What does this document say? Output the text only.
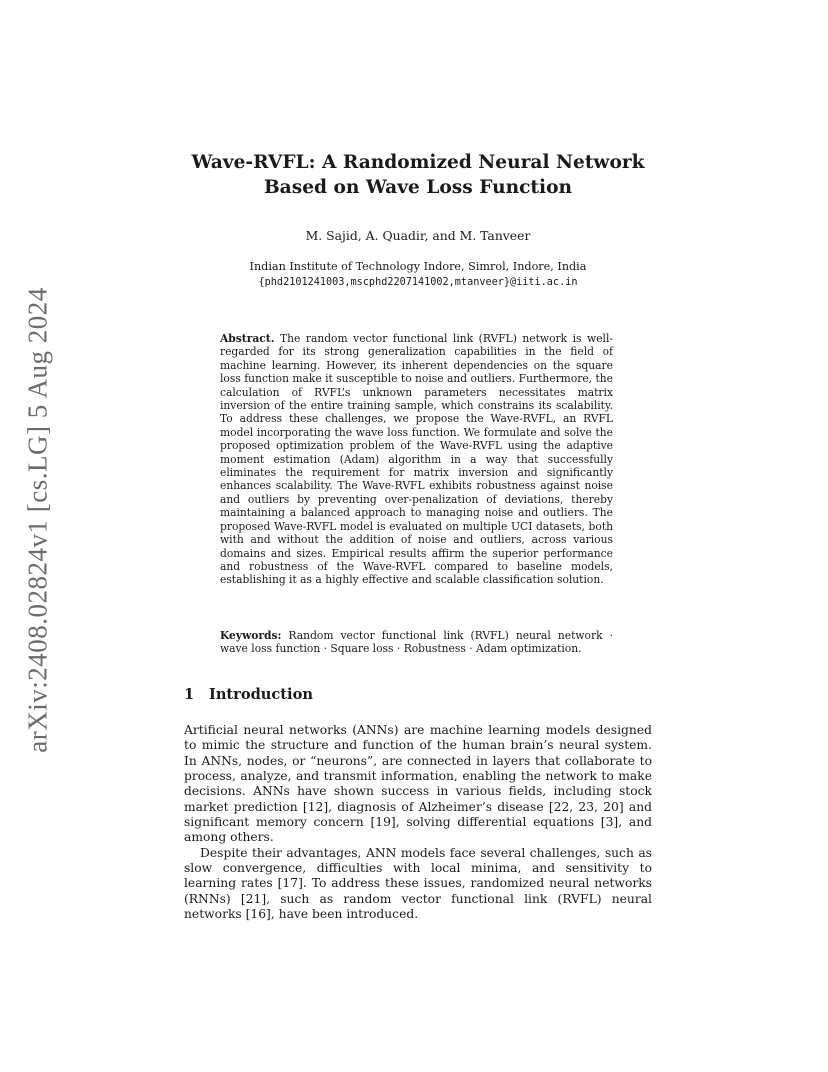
arXiv:2408.02824v1 [cs.LG] 5 Aug 2024
Wave-RVFL: A Randomized Neural Network
Based on Wave Loss Function
M. Sajid, A. Quadir, and M. Tanveer
Indian Institute of Technology Indore, Simrol, Indore, India
{phd2101241003,mscphd2207141002,mtanveer}@iiti.ac.in
Abstract. The random vector functional link (RVFL) network is well-regarded for its strong generalization capabilities in the field of machine learning. However, its inherent dependencies on the square loss function make it susceptible to noise and outliers. Furthermore, the calculation of RVFL’s unknown parameters necessitates matrix inversion of the entire training sample, which constrains its scalability. To address these challenges, we propose the Wave-RVFL, an RVFL model incorporating the wave loss function. We formulate and solve the proposed optimization problem of the Wave-RVFL using the adaptive moment estimation (Adam) algorithm in a way that successfully eliminates the requirement for matrix inversion and significantly enhances scalability. The Wave-RVFL exhibits robustness against noise and outliers by preventing over-penalization of deviations, thereby maintaining a balanced approach to managing noise and outliers. The proposed Wave-RVFL model is evaluated on multiple UCI datasets, both with and without the addition of noise and outliers, across various domains and sizes. Empirical results affirm the superior performance and robustness of the Wave-RVFL compared to baseline models, establishing it as a highly effective and scalable classification solution.
Keywords: Random vector functional link (RVFL) neural network · wave loss function · Square loss · Robustness · Adam optimization.
1 Introduction

Artificial neural networks (ANNs) are machine learning models designed to mimic the structure and function of the human brain’s neural system. In ANNs, nodes, or “neurons”, are connected in layers that collaborate to process, analyze, and transmit information, enabling the network to make decisions. ANNs have shown success in various fields, including stock market prediction [12], diagnosis of Alzheimer’s disease [22, 23, 20] and significant memory concern [19], solving differential equations [3], and among others.

Despite their advantages, ANN models face several challenges, such as slow convergence, difficulties with local minima, and sensitivity to learning rates [17]. To address these issues, randomized neural networks (RNNs) [21], such as random vector functional link (RVFL) neural networks [16], have been introduced.
